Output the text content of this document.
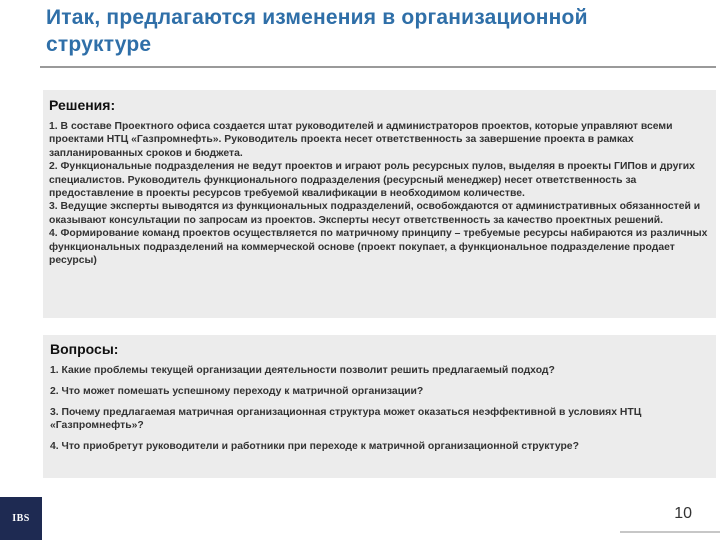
Итак, предлагаются изменения в организационной структуре
Решения:

1. В составе Проектного офиса создается штат руководителей и администраторов проектов, которые управляют всеми проектами НТЦ «Газпромнефть». Руководитель проекта несет ответственность за завершение проекта в рамках запланированных сроков и бюджета.

2. Функциональные подразделения не ведут проектов и играют роль ресурсных пулов, выделяя в проекты ГИПов и других специалистов. Руководитель функционального подразделения (ресурсный менеджер) несет ответственность за предоставление в проекты ресурсов требуемой квалификации в необходимом количестве.

3. Ведущие эксперты выводятся из функциональных подразделений, освобождаются от административных обязанностей и оказывают консультации по запросам из проектов. Эксперты несут ответственность за качество проектных решений.

4. Формирование команд проектов осуществляется по матричному принципу – требуемые ресурсы набираются из различных функциональных подразделений на коммерческой основе (проект покупает, а функциональное подразделение продает ресурсы)

Вопросы:

1. Какие проблемы текущей организации деятельности позволит решить предлагаемый подход?

2. Что может помешать успешному переходу к матричной организации?

3. Почему предлагаемая матричная организационная структура может оказаться неэффективной в условиях НТЦ «Газпромнефть»?

4. Что приобретут руководители и работники при переходе к матричной организационной структуре?

IBS	10
